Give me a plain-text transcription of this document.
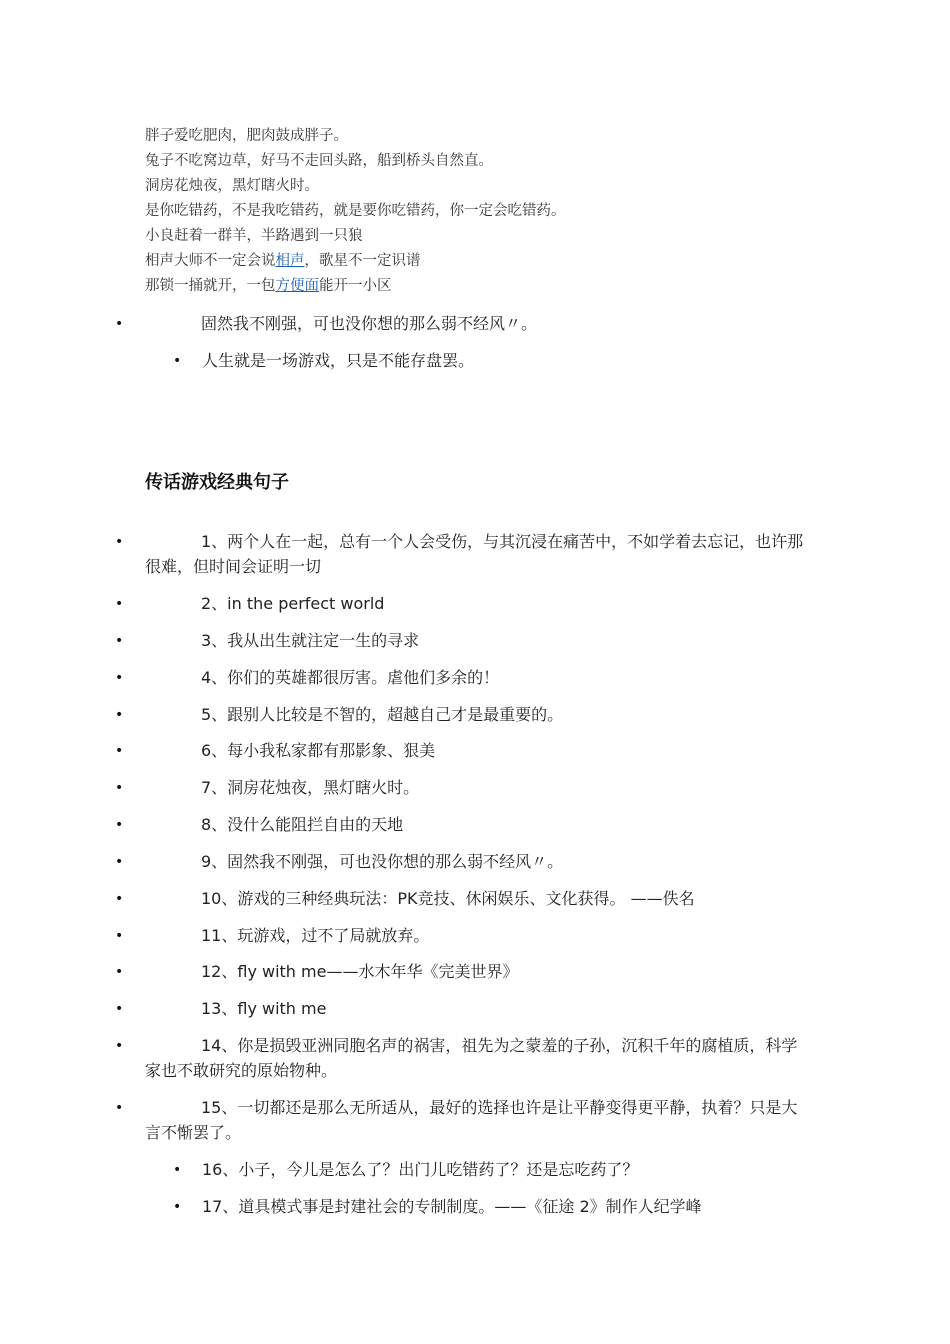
胖子爱吃肥肉，肥肉鼓成胖子。
兔子不吃窝边草，好马不走回头路，船到桥头自然直。
洞房花烛夜，黑灯瞎火时。
是你吃错药，不是我吃错药，就是要你吃错药，你一定会吃错药。
小良赶着一群羊，半路遇到一只狼
相声大师不一定会说相声，歌星不一定识谱
那锁一捅就开，一包方便面能开一小区
•	固然我不刚强，可也没你想的那么弱不经风〃。
• 人生就是一场游戏，只是不能存盘罢。
传话游戏经典句子
•	1、两个人在一起，总有一个人会受伤，与其沉浸在痛苦中，不如学着去忘记，也许那很难，但时间会证明一切
•	2、in the perfect world
•	3、我从出生就注定一生的寻求
•	4、你们的英雄都很厉害。虐他们多余的！
•	5、跟别人比较是不智的，超越自己才是最重要的。
•	6、每小我私家都有那影象、狠美
•	7、洞房花烛夜，黑灯瞎火时。
•	8、没什么能阻拦自由的天地
•	9、固然我不刚强，可也没你想的那么弱不经风〃。
•	10、游戏的三种经典玩法：PK竞技、休闲娱乐、文化获得。 ——佚名
•	11、玩游戏，过不了局就放弃。
•	12、fly with me——水木年华《完美世界》
•	13、fly with me
•	14、你是损毁亚洲同胞名声的祸害，祖先为之蒙羞的子孙，沉积千年的腐植质，科学家也不敢研究的原始物种。
•	15、一切都还是那么无所适从，最好的选择也许是让平静变得更平静，执着？只是大言不惭罢了。
• 16、小子，今儿是怎么了？出门儿吃错药了？还是忘吃药了？
• 17、道具模式事是封建社会的专制制度。——《征途 2》制作人纪学峰
